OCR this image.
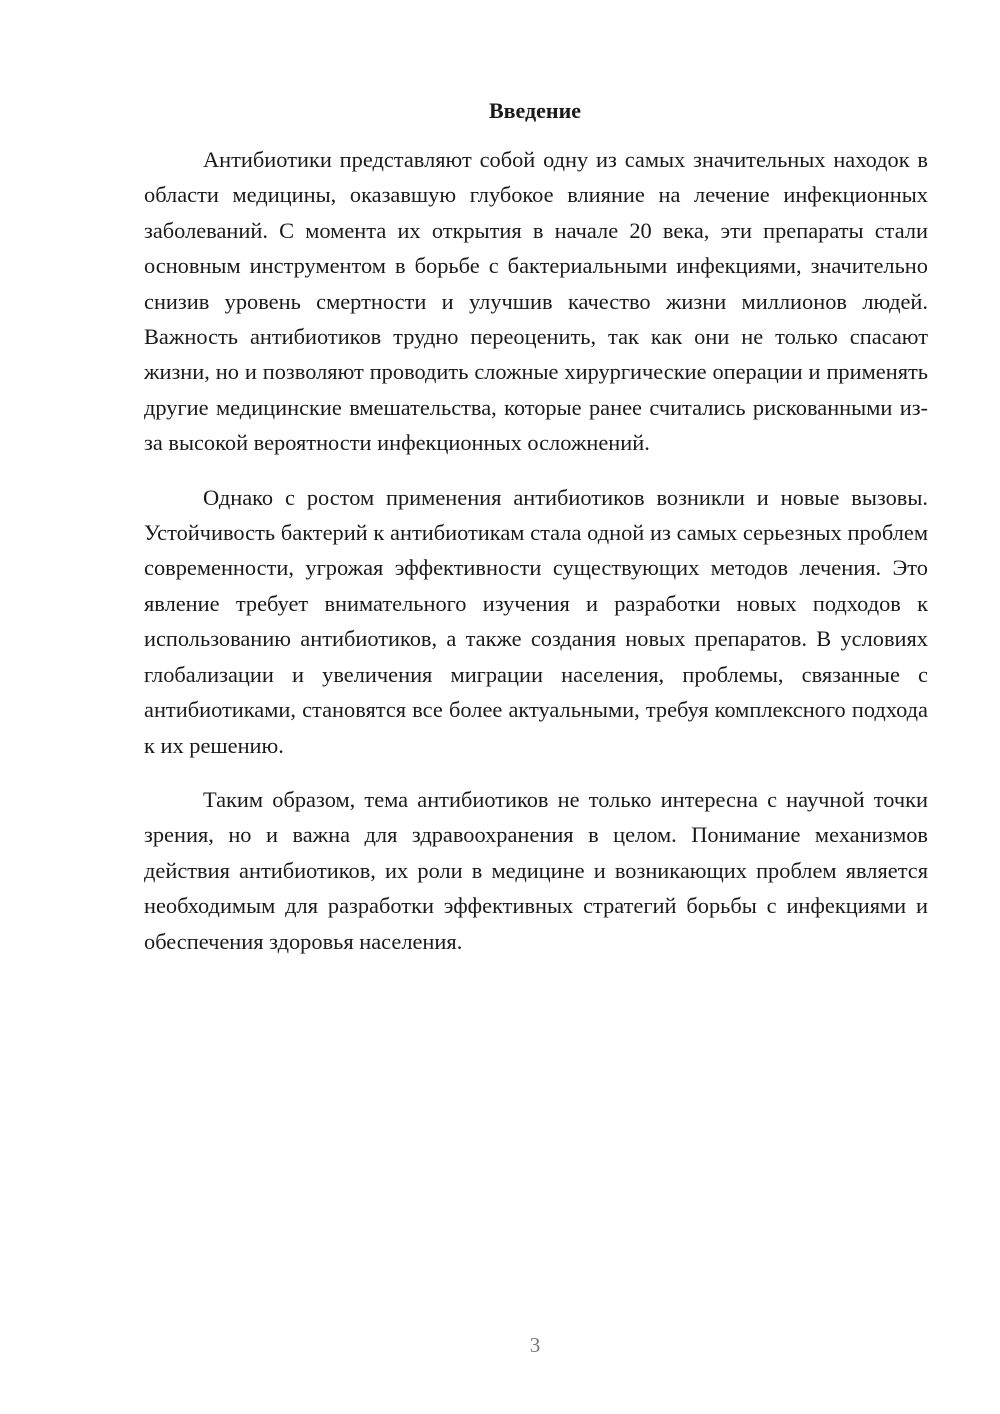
Введение

Антибиотики представляют собой одну из самых значительных находок в области медицины, оказавшую глубокое влияние на лечение инфекционных заболеваний. С момента их открытия в начале 20 века, эти препараты стали основным инструментом в борьбе с бактериальными инфекциями, значительно снизив уровень смертности и улучшив качество жизни миллионов людей. Важность антибиотиков трудно переоценить, так как они не только спасают жизни, но и позволяют проводить сложные хирургические операции и применять другие медицинские вмешательства, которые ранее считались рискованными из-за высокой вероятности инфекционных осложнений.

Однако с ростом применения антибиотиков возникли и новые вызовы. Устойчивость бактерий к антибиотикам стала одной из самых серьезных проблем современности, угрожая эффективности существующих методов лечения. Это явление требует внимательного изучения и разработки новых подходов к использованию антибиотиков, а также создания новых препаратов. В условиях глобализации и увеличения миграции населения, проблемы, связанные с антибиотиками, становятся все более актуальными, требуя комплексного подхода к их решению.

Таким образом, тема антибиотиков не только интересна с научной точки зрения, но и важна для здравоохранения в целом. Понимание механизмов действия антибиотиков, их роли в медицине и возникающих проблем является необходимым для разработки эффективных стратегий борьбы с инфекциями и обеспечения здоровья населения.

3
